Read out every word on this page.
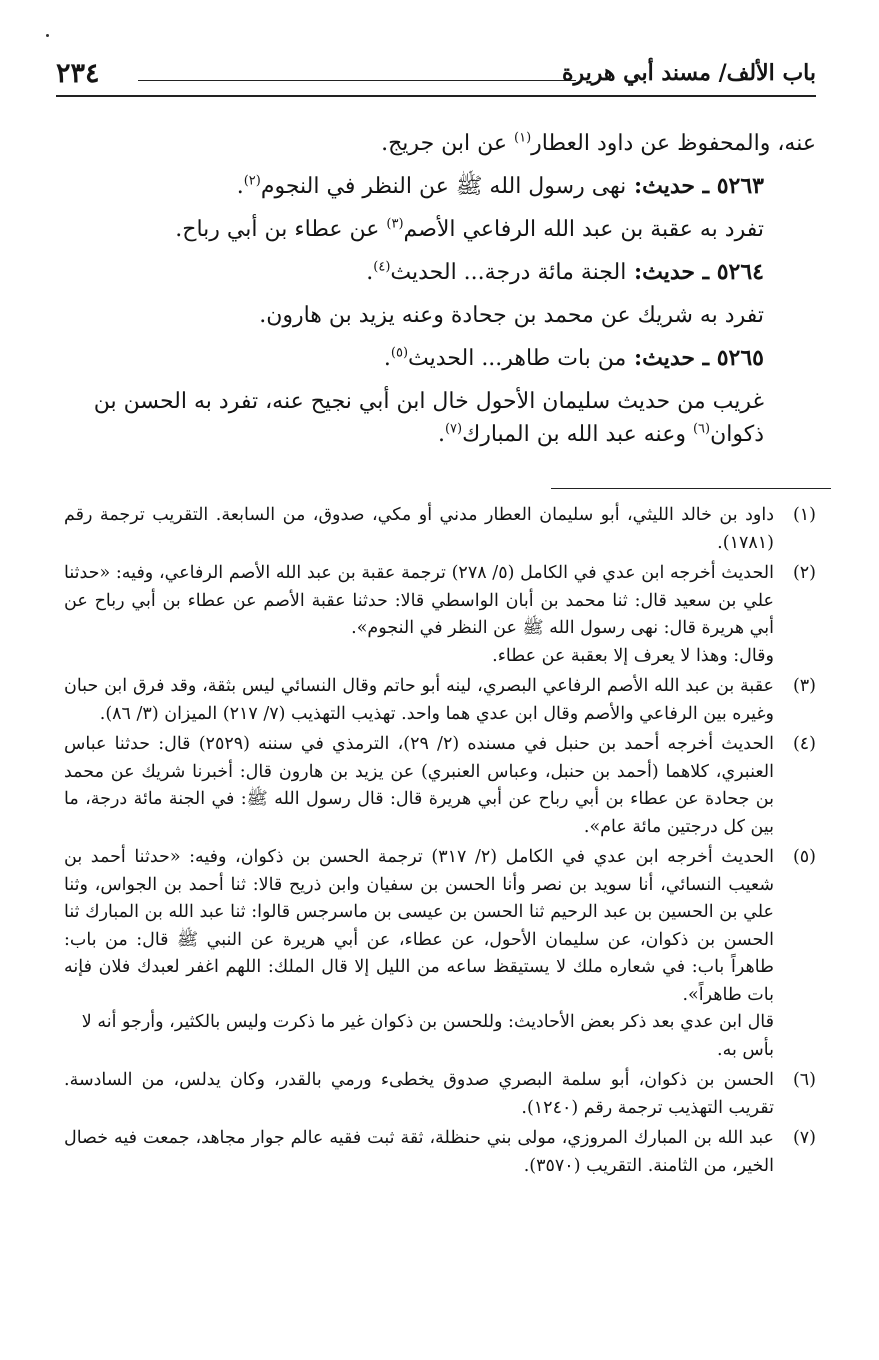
٢٣٤	باب الألف/ مسند أبي هريرة

عنه، والمحفوظ عن داود العطار$^{(١)}$ عن ابن جريج.

٥٢٦٣ ـ حديث: نهى رسول الله ﷺ عن النظر في النجوم$^{(٢)}$.

تفرد به عقبة بن عبد الله الرفاعي الأصم$^{(٣)}$ عن عطاء بن أبي رباح.

٥٢٦٤ ـ حديث: الجنة مائة درجة... الحديث$^{(٤)}$.

تفرد به شريك عن محمد بن جحادة وعنه يزيد بن هارون.

٥٢٦٥ ـ حديث: من بات طاهر... الحديث$^{(٥)}$.

غريب من حديث سليمان الأحول خال ابن أبي نجيح عنه، تفرد به الحسن بن ذكوان$^{(٦)}$ وعنه عبد الله بن المبارك$^{(٧)}$.

(١)
داود بن خالد الليثي، أبو سليمان العطار مدني أو مكي، صدوق، من السابعة. التقريب ترجمة رقم (١٧٨١).
(٢)
الحديث أخرجه ابن عدي في الكامل (٥/ ٢٧٨) ترجمة عقبة بن عبد الله الأصم الرفاعي، وفيه: «حدثنا علي بن سعيد قال: ثنا محمد بن أبان الواسطي قالا: حدثنا عقبة الأصم عن عطاء بن أبي رباح عن أبي هريرة قال: نهى رسول الله ﷺ عن النظر في النجوم».
وقال: وهذا لا يعرف إلا بعقبة عن عطاء.
(٣)
عقبة بن عبد الله الأصم الرفاعي البصري، لينه أبو حاتم وقال النسائي ليس بثقة، وقد فرق ابن حبان وغيره بين الرفاعي والأصم وقال ابن عدي هما واحد. تهذيب التهذيب (٧/ ٢١٧) الميزان (٣/ ٨٦).
(٤)
الحديث أخرجه أحمد بن حنبل في مسنده (٢/ ٢٩)، الترمذي في سننه (٢٥٢٩) قال: حدثنا عباس العنبري، كلاهما (أحمد بن حنبل، وعباس العنبري) عن يزيد بن هارون قال: أخبرنا شريك عن محمد بن جحادة عن عطاء بن أبي رباح عن أبي هريرة قال: قال رسول الله ﷺ: في الجنة مائة درجة، ما بين كل درجتين مائة عام».
(٥)
الحديث أخرجه ابن عدي في الكامل (٢/ ٣١٧) ترجمة الحسن بن ذكوان، وفيه: «حدثنا أحمد بن شعيب النسائي، أنا سويد بن نصر وأنا الحسن بن سفيان وابن ذريح قالا: ثنا أحمد بن الجواس، وثنا علي بن الحسين بن عبد الرحيم ثنا الحسن بن عيسى بن ماسرجس قالوا: ثنا عبد الله بن المبارك ثنا الحسن بن ذكوان، عن سليمان الأحول، عن عطاء، عن أبي هريرة عن النبي ﷺ قال: من باب: طاهراً باب: في شعاره ملك لا يستيقظ ساعه من الليل إلا قال الملك: اللهم اغفر لعبدك فلان فإنه بات طاهراً».
قال ابن عدي بعد ذكر بعض الأحاديث: وللحسن بن ذكوان غير ما ذكرت وليس بالكثير، وأرجو أنه لا بأس به.
(٦)
الحسن بن ذكوان، أبو سلمة البصري صدوق يخطىء ورمي بالقدر، وكان يدلس، من السادسة. تقريب التهذيب ترجمة رقم (١٢٤٠).
(٧)
عبد الله بن المبارك المروزي، مولى بني حنظلة، ثقة ثبت فقيه عالم جوار مجاهد، جمعت فيه خصال الخير، من الثامنة. التقريب (٣٥٧٠).
